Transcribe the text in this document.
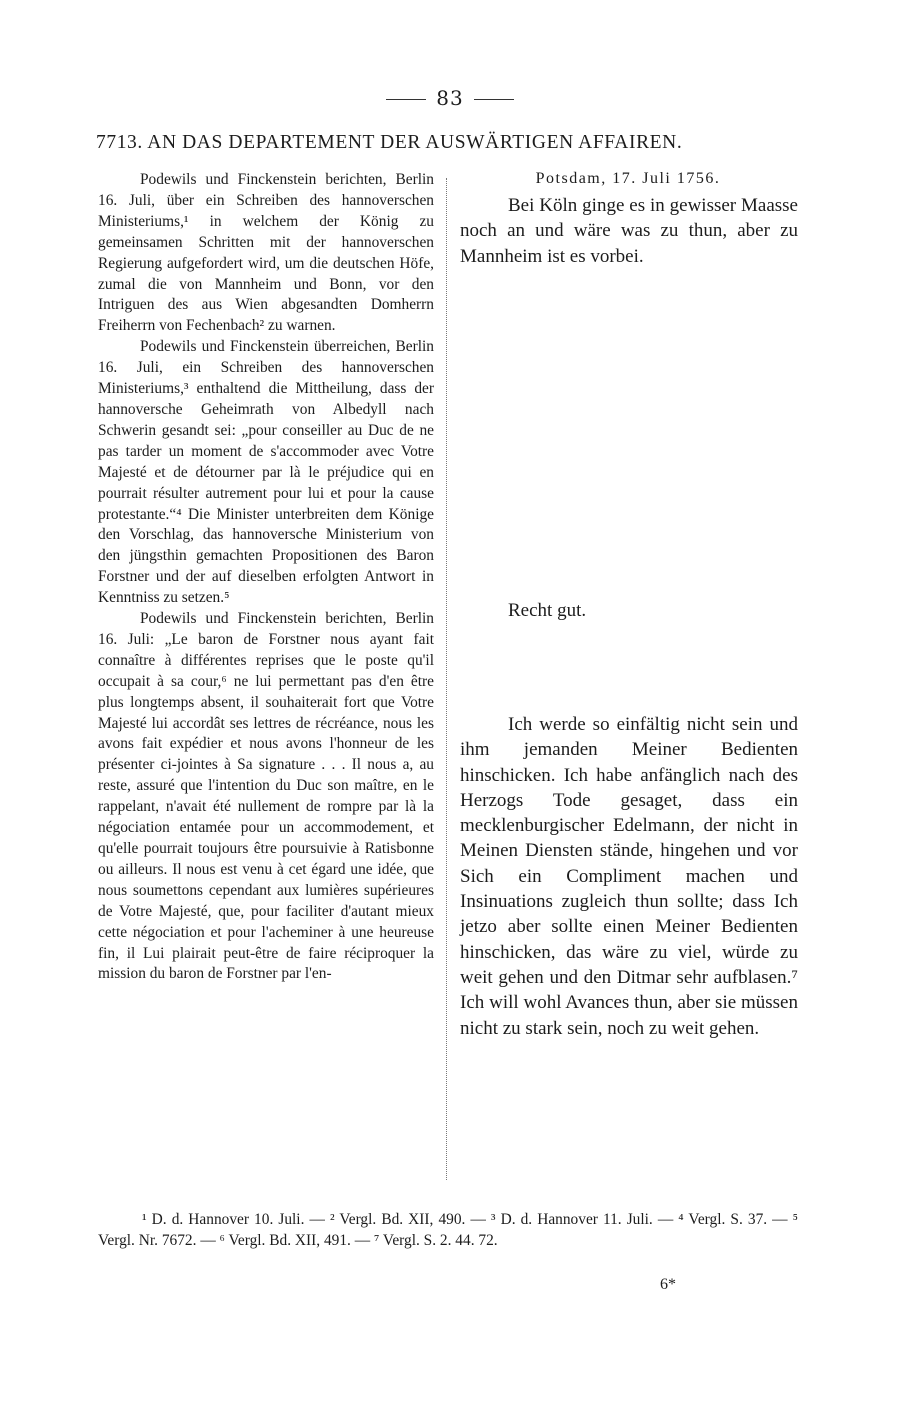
83
7713. AN DAS DEPARTEMENT DER AUSWÄRTIGEN AFFAIREN.

Podewils und Finckenstein berichten, Berlin 16. Juli, über ein Schreiben des hannoverschen Ministeriums,¹ in welchem der König zu gemeinsamen Schritten mit der hannoverschen Regierung aufgefordert wird, um die deutschen Höfe, zumal die von Mannheim und Bonn, vor den Intriguen des aus Wien abgesandten Domherrn Freiherrn von Fechenbach² zu warnen.

Podewils und Finckenstein überreichen, Berlin 16. Juli, ein Schreiben des hannoverschen Ministeriums,³ enthaltend die Mittheilung, dass der hannoversche Geheimrath von Albedyll nach Schwerin gesandt sei: „pour conseiller au Duc de ne pas tarder un moment de s'accommoder avec Votre Majesté et de détourner par là le préjudice qui en pourrait résulter autrement pour lui et pour la cause protestante.“⁴ Die Minister unterbreiten dem Könige den Vorschlag, das hannoversche Ministerium von den jüngsthin gemachten Propositionen des Baron Forstner und der auf dieselben erfolgten Antwort in Kenntniss zu setzen.⁵

Podewils und Finckenstein berichten, Berlin 16. Juli: „Le baron de Forstner nous ayant fait connaître à différentes reprises que le poste qu'il occupait à sa cour,⁶ ne lui permettant pas d'en être plus longtemps absent, il souhaiterait fort que Votre Majesté lui accordât ses lettres de récréance, nous les avons fait expédier et nous avons l'honneur de les présenter ci-jointes à Sa signature . . . Il nous a, au reste, assuré que l'intention du Duc son maître, en le rappelant, n'avait été nullement de rompre par là la négociation entamée pour un accommodement, et qu'elle pourrait toujours être poursuivie à Ratisbonne ou ailleurs. Il nous est venu à cet égard une idée, que nous soumettons cependant aux lumières supérieures de Votre Majesté, que, pour faciliter d'autant mieux cette négociation et pour l'acheminer à une heureuse fin, il Lui plairait peut-être de faire réciproquer la mission du baron de Forstner par l'en-

Potsdam, 17. Juli 1756.

Bei Köln ginge es in gewisser Maasse noch an und wäre was zu thun, aber zu Mannheim ist es vorbei.

Recht gut.

Ich werde so einfältig nicht sein und ihm jemanden Meiner Bedienten hinschicken. Ich habe anfänglich nach des Herzogs Tode gesaget, dass ein mecklenburgischer Edelmann, der nicht in Meinen Diensten stände, hingehen und vor Sich ein Compliment machen und Insinuations zugleich thun sollte; dass Ich jetzo aber sollte einen Meiner Bedienten hinschicken, das wäre zu viel, würde zu weit gehen und den Ditmar sehr aufblasen.⁷ Ich will wohl Avances thun, aber sie müssen nicht zu stark sein, noch zu weit gehen.

¹ D. d. Hannover 10. Juli. — ² Vergl. Bd. XII, 490. — ³ D. d. Hannover 11. Juli. — ⁴ Vergl. S. 37. — ⁵ Vergl. Nr. 7672. — ⁶ Vergl. Bd. XII, 491. — ⁷ Vergl. S. 2. 44. 72.
6*
